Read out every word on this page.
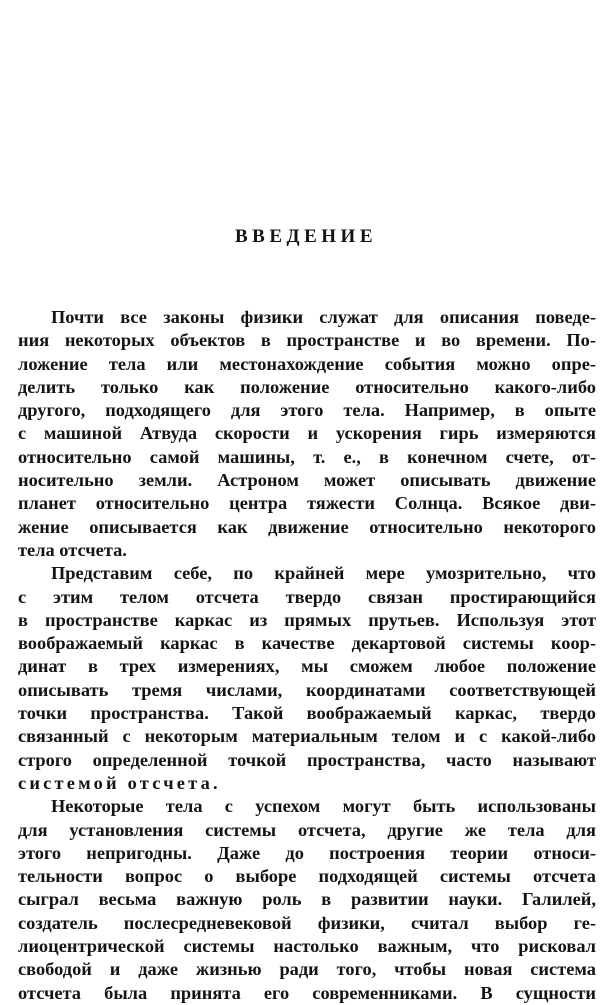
ВВЕДЕНИЕ
Почти все законы физики служат для описания поведе-
ния некоторых объектов в пространстве и во времени. По-
ложение тела или местонахождение события можно опре-
делить только как положение относительно какого-либо
другого, подходящего для этого тела. Например, в опыте
с машиной Атвуда скорости и ускорения гирь измеряются
относительно самой машины, т. е., в конечном счете, от-
носительно земли. Астроном может описывать движение
планет относительно центра тяжести Солнца. Всякое дви-
жение описывается как движение относительно некоторого
тела отсчета.
Представим себе, по крайней мере умозрительно, что
с этим телом отсчета твердо связан простирающийся
в пространстве каркас из прямых прутьев. Используя этот
воображаемый каркас в качестве декартовой системы коор-
динат в трех измерениях, мы сможем любое положение
описывать тремя числами, координатами соответствующей
точки пространства. Такой воображаемый каркас, твердо
связанный с некоторым материальным телом и с какой-либо
строго определенной точкой пространства, часто называют
системой отсчета.
Некоторые тела с успехом могут быть использованы
для установления системы отсчета, другие же тела для
этого непригодны. Даже до построения теории относи-
тельности вопрос о выборе подходящей системы отсчета
сыграл весьма важную роль в развитии науки. Галилей,
создатель послесредневековой физики, считал выбор ге-
лиоцентрической системы настолько важным, что рисковал
свободой и даже жизнью ради того, чтобы новая система
отсчета была принята его современниками. В сущности
